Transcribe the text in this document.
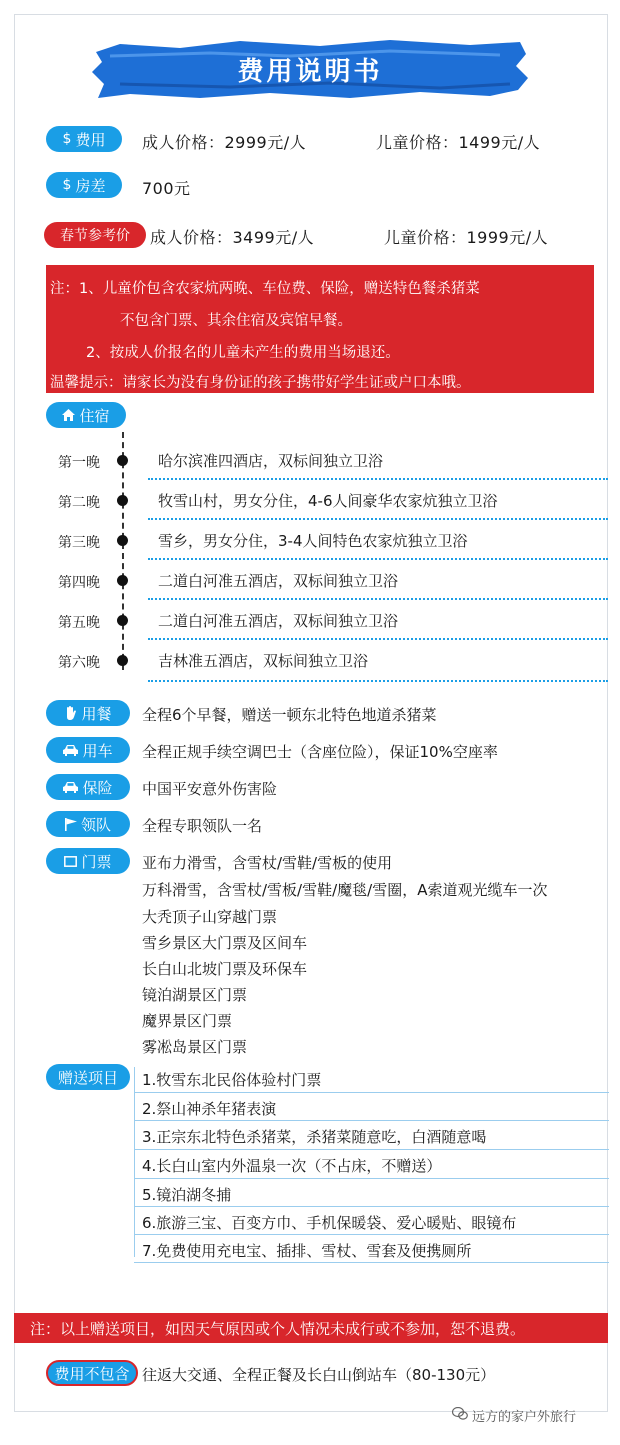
费用说明书
$ 费用 成人价格：2999元/人	儿童价格：1499元/人
$ 房差 700元
春节参考价	成人价格：3499元/人	儿童价格：1999元/人
注：1、儿童价包含农家炕两晚、车位费、保险，赠送特色餐杀猪菜
不包含门票、其余住宿及宾馆早餐。
2、按成人价报名的儿童未产生的费用当场退还。
温馨提示：请家长为没有身份证的孩子携带好学生证或户口本哦。
住宿
第一晚	哈尔滨准四酒店，双标间独立卫浴
第二晚	牧雪山村，男女分住，4-6人间豪华农家炕独立卫浴
第三晚	雪乡，男女分住，3-4人间特色农家炕独立卫浴
第四晚	二道白河准五酒店，双标间独立卫浴
第五晚	二道白河准五酒店，双标间独立卫浴
第六晚	吉林准五酒店，双标间独立卫浴
用餐 全程6个早餐，赠送一顿东北特色地道杀猪菜
用车 全程正规手续空调巴士（含座位险），保证10%空座率
保险 中国平安意外伤害险
领队 全程专职领队一名
门票 亚布力滑雪，含雪杖/雪鞋/雪板的使用
万科滑雪，含雪杖/雪板/雪鞋/魔毯/雪圈，A索道观光缆车一次
大秃顶子山穿越门票
雪乡景区大门票及区间车
长白山北坡门票及环保车
镜泊湖景区门票
魔界景区门票
雾凇岛景区门票
赠送项目	1.牧雪东北民俗体验村门票
2.祭山神杀年猪表演
3.正宗东北特色杀猪菜，杀猪菜随意吃，白酒随意喝
4.长白山室内外温泉一次（不占床，不赠送）
5.镜泊湖冬捕
6.旅游三宝、百变方巾、手机保暖袋、爱心暖贴、眼镜布
7.免费使用充电宝、插排、雪杖、雪套及便携厕所
注：以上赠送项目，如因天气原因或个人情况未成行或不参加，恕不退费。
费用不包含 往返大交通、全程正餐及长白山倒站车（80-130元）
远方的家户外旅行
